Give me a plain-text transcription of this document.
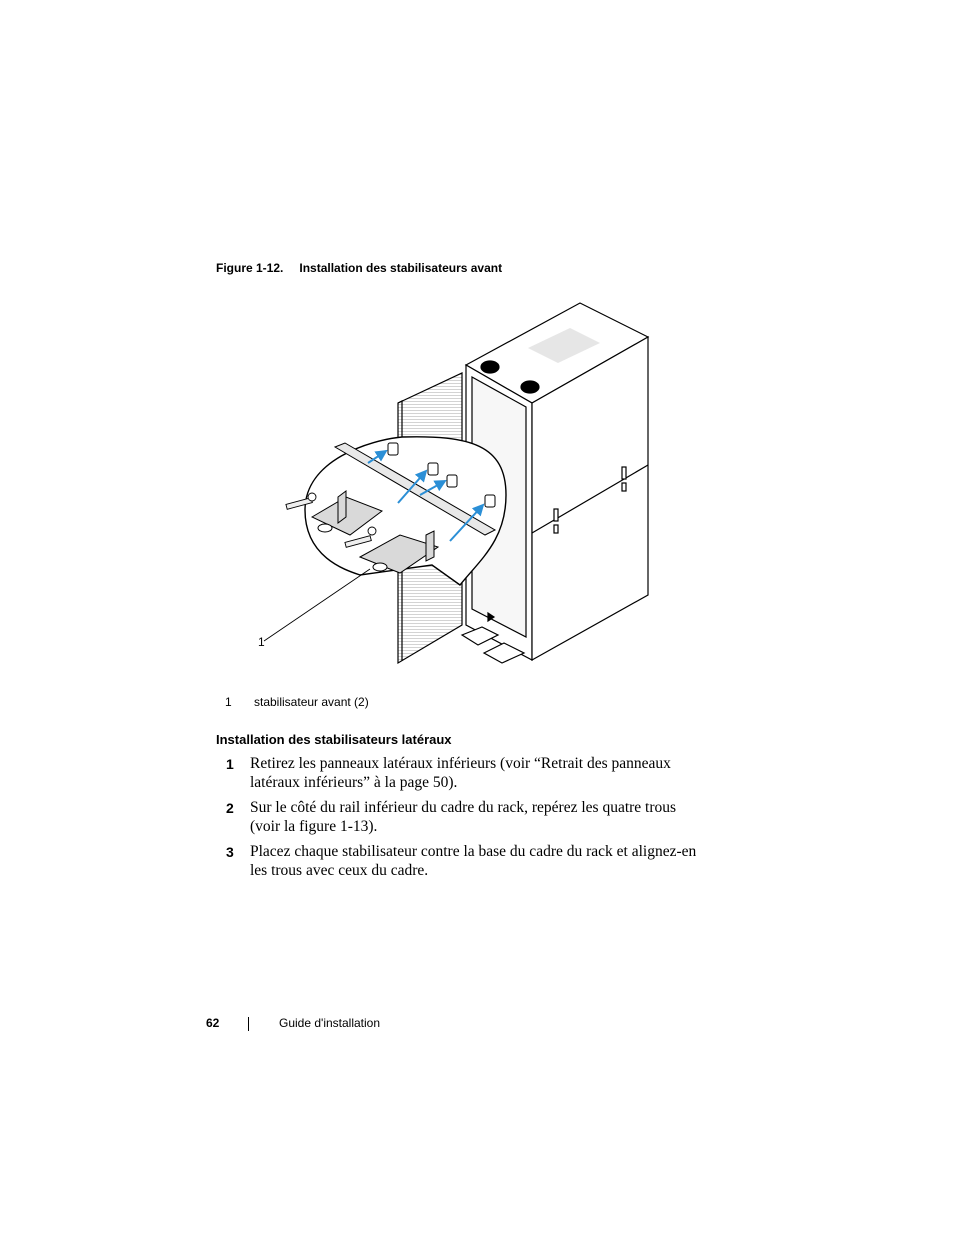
Figure 1-12. Installation des stabilisateurs avant
1
1 stabilisateur avant (2)
Installation des stabilisateurs latéraux
1 Retirez les panneaux latéraux inférieurs (voir “Retrait des panneaux latéraux inférieurs” à la page 50).
2 Sur le côté du rail inférieur du cadre du rack, repérez les quatre trous (voir la figure 1-13).
3 Placez chaque stabilisateur contre la base du cadre du rack et alignez-en les trous avec ceux du cadre.
62	Guide d'installation
